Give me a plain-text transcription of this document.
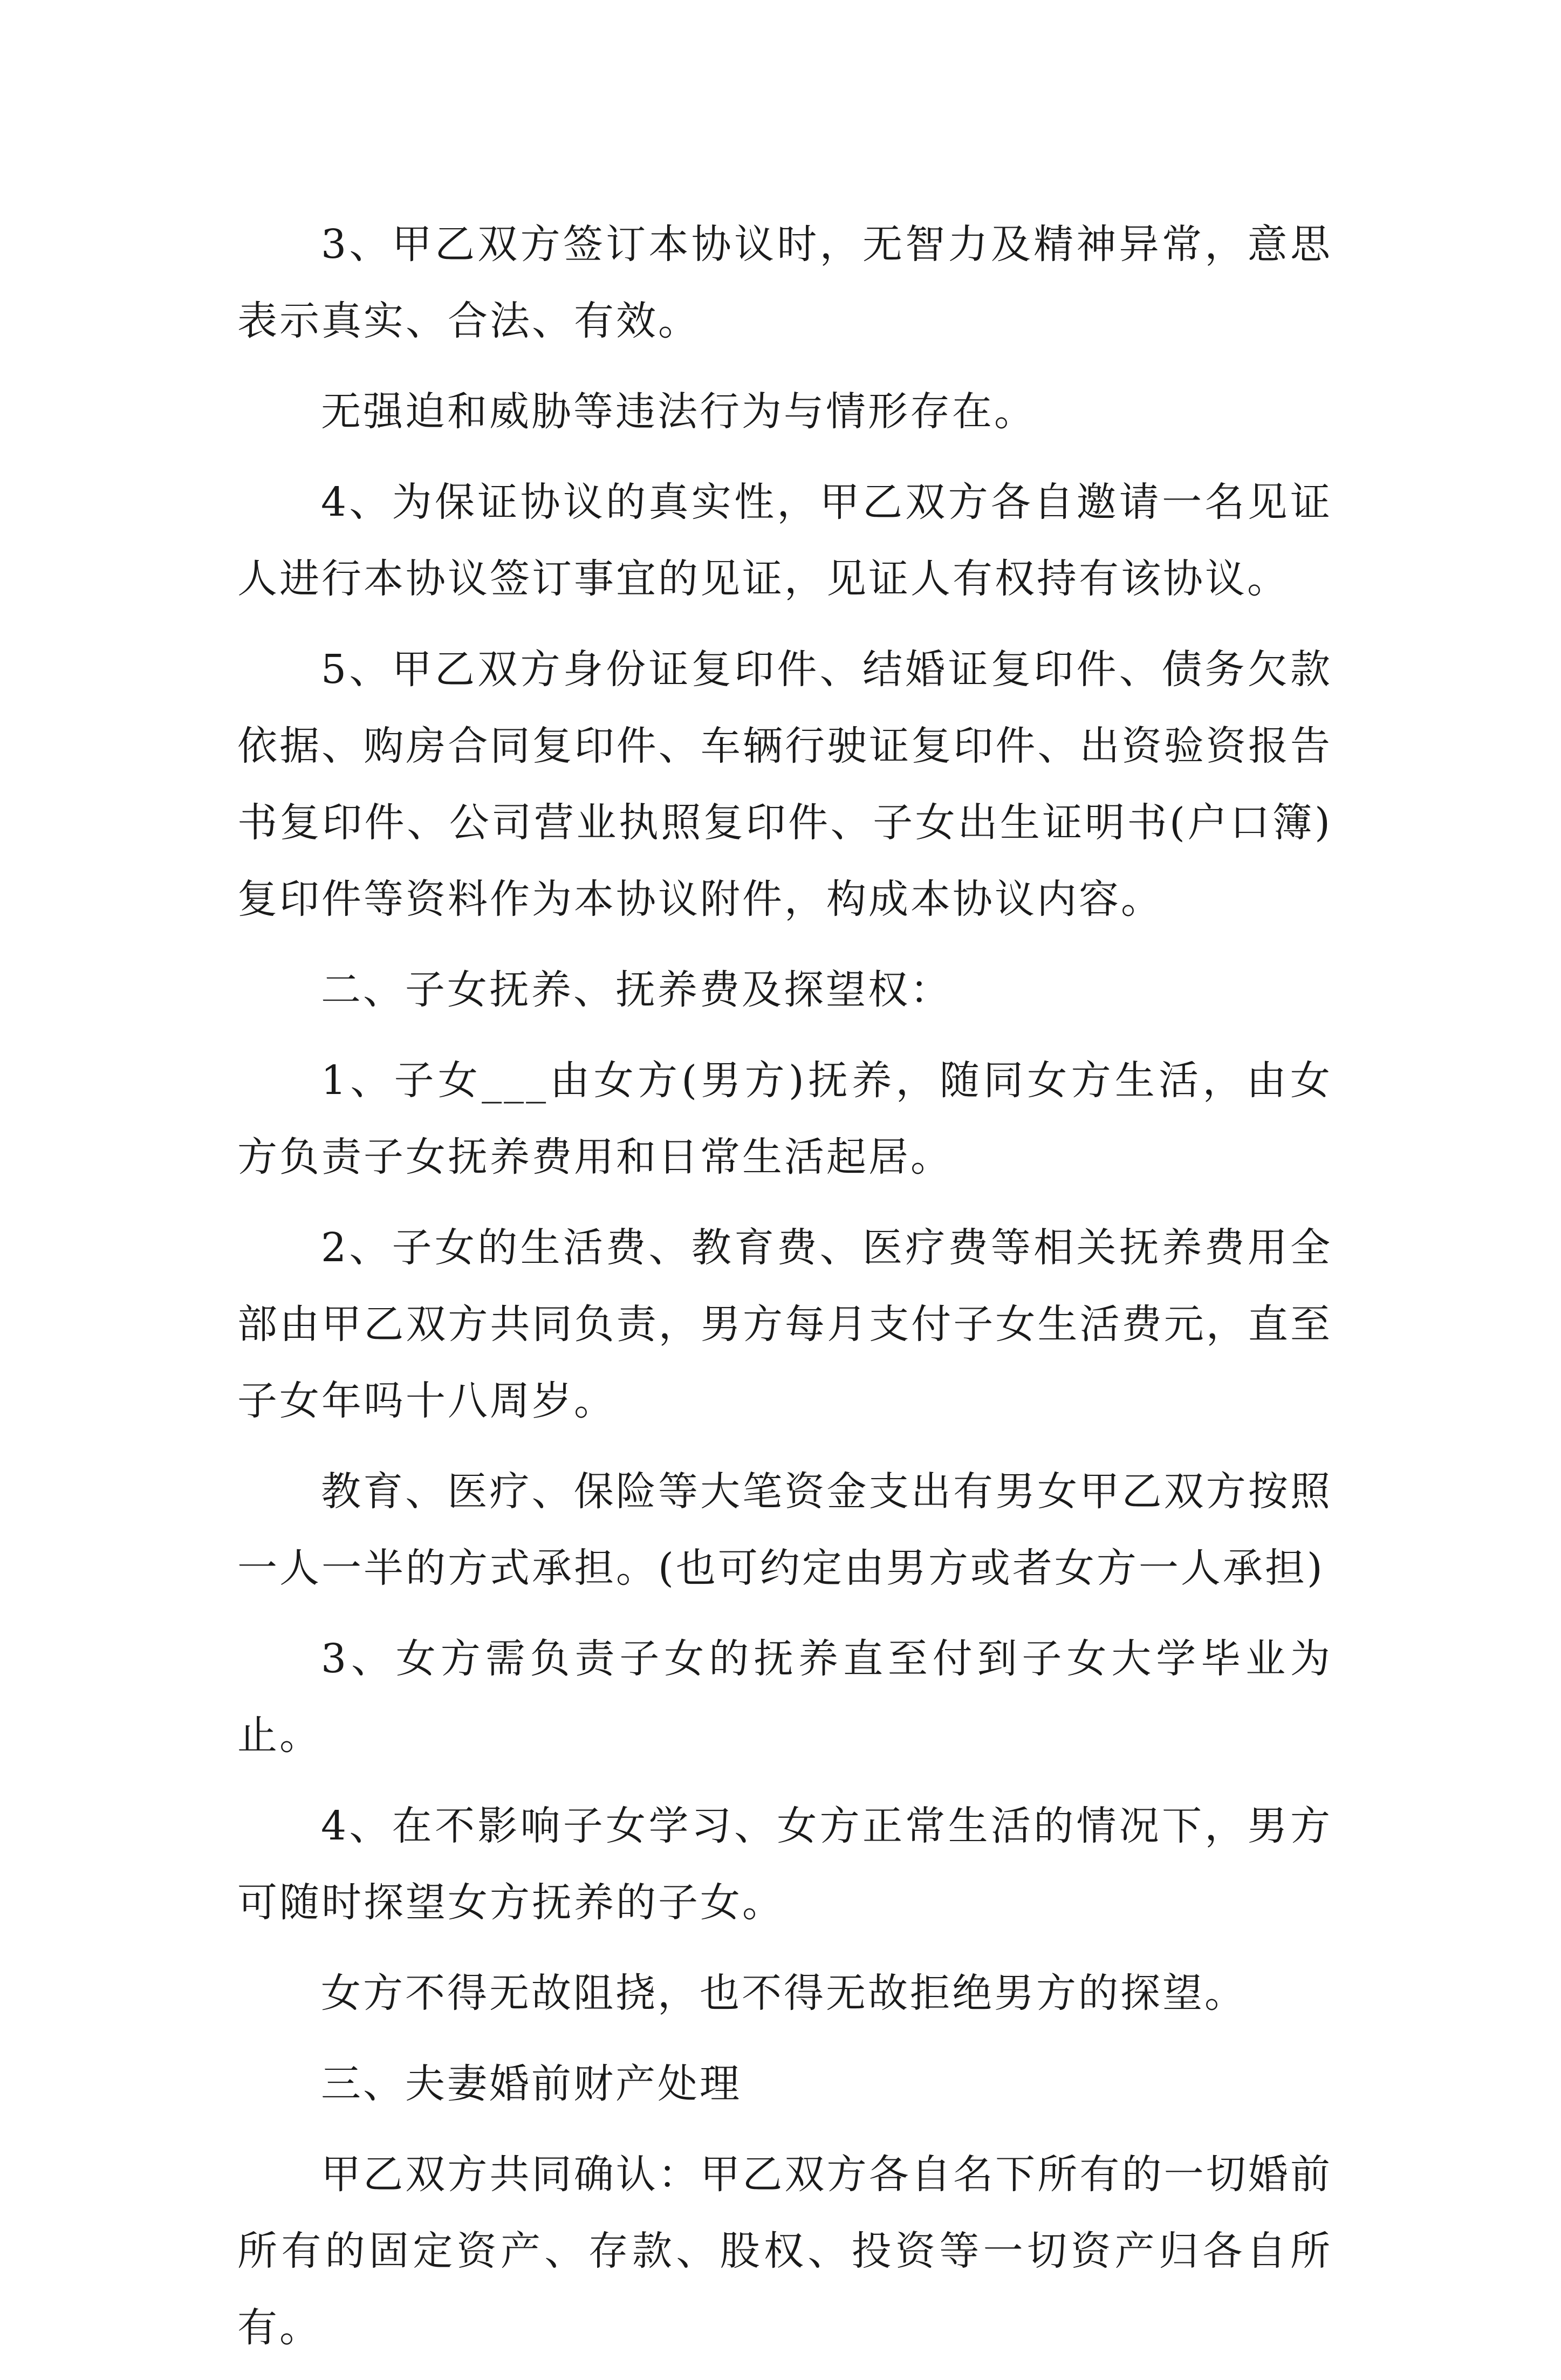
3、甲乙双方签订本协议时，无智力及精神异常，意思表示真实、合法、有效。

无强迫和威胁等违法行为与情形存在。

4、为保证协议的真实性，甲乙双方各自邀请一名见证人进行本协议签订事宜的见证，见证人有权持有该协议。

5、甲乙双方身份证复印件、结婚证复印件、债务欠款依据、购房合同复印件、车辆行驶证复印件、出资验资报告书复印件、公司营业执照复印件、子女出生证明书(户口簿)复印件等资料作为本协议附件，构成本协议内容。

二、子女抚养、抚养费及探望权：

1、子女___由女方(男方)抚养，随同女方生活，由女方负责子女抚养费用和日常生活起居。

2、子女的生活费、教育费、医疗费等相关抚养费用全部由甲乙双方共同负责，男方每月支付子女生活费元，直至子女年吗十八周岁。

教育、医疗、保险等大笔资金支出有男女甲乙双方按照一人一半的方式承担。(也可约定由男方或者女方一人承担)

3、女方需负责子女的抚养直至付到子女大学毕业为止。

4、在不影响子女学习、女方正常生活的情况下，男方可随时探望女方抚养的子女。

女方不得无故阻挠，也不得无故拒绝男方的探望。

三、夫妻婚前财产处理

甲乙双方共同确认：甲乙双方各自名下所有的一切婚前所有的固定资产、存款、股权、投资等一切资产归各自所有。
